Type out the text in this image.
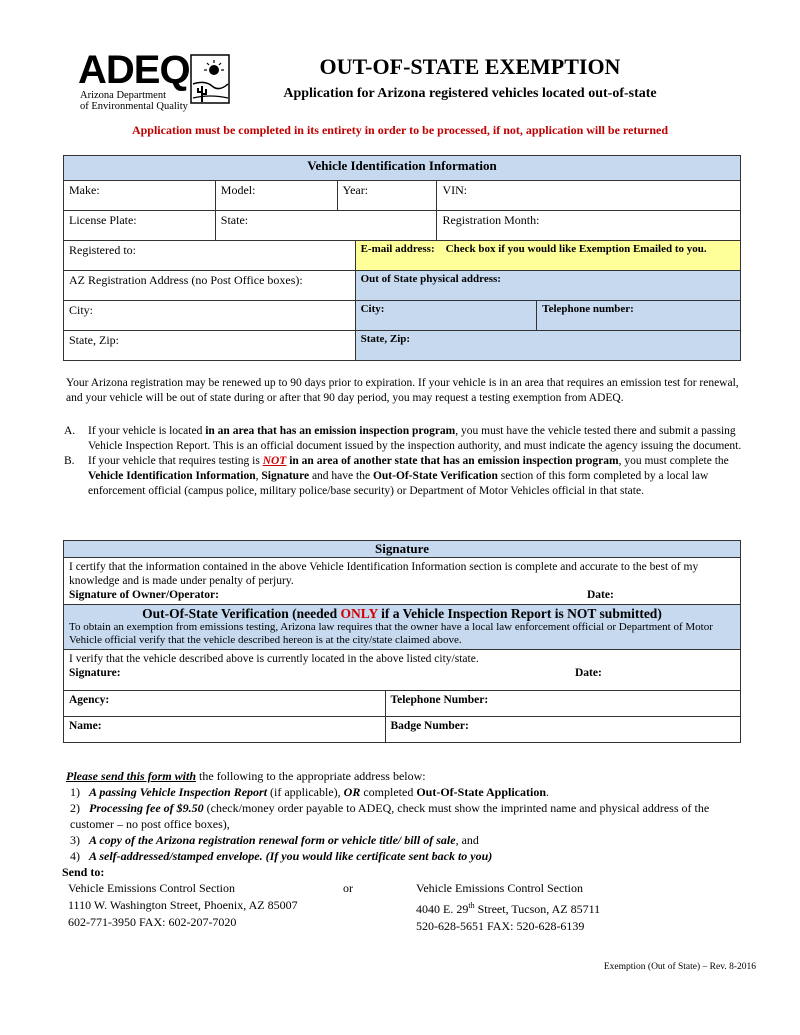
ADEQ
Arizona Department
of Environmental Quality
OUT-OF-STATE EXEMPTION
Application for Arizona registered vehicles located out-of-state
Application must be completed in its entirety in order to be processed, if not, application will be returned
Vehicle Identification Information					
Make:	Model:	Year:		VIN:	
License Plate:	State:			Registration Month:	
Registered to:			E-mail address: Check box if you would like Exemption Emailed to you.		
AZ Registration Address (no Post Office boxes):			Out of State physical address:		
City:			City:		Telephone number:
State, Zip:			State, Zip:		
Your Arizona registration may be renewed up to 90 days prior to expiration. If your vehicle is in an area that requires an emission test for renewal, and your vehicle will be out of state during or after that 90 day period, you may request a testing exemption from ADEQ.
A. If your vehicle is located in an area that has an emission inspection program, you must have the vehicle tested there and submit a passing Vehicle Inspection Report. This is an official document issued by the inspection authority, and must indicate the agency issuing the document.
B. If your vehicle that requires testing is NOT in an area of another state that has an emission inspection program, you must complete the Vehicle Identification Information, Signature and have the Out-Of-State Verification section of this form completed by a local law enforcement official (campus police, military police/base security) or Department of Motor Vehicles official in that state.
Signature	

I certify that the information contained in the above Vehicle Identification Information section is complete and accurate to the best of my knowledge and is made under penalty of perjury.
Signature of Owner/Operator: Date:	

Out-Of-State Verification (needed ONLY if a Vehicle Inspection Report is NOT submitted)
To obtain an exemption from emissions testing, Arizona law requires that the owner have a local law enforcement official or Department of Motor Vehicle official verify that the vehicle described hereon is at the city/state claimed above.	

I verify that the vehicle described above is currently located in the above listed city/state.
Signature: Date:	

Agency:	Telephone Number:
Name:	Badge Number:
Please send this form with the following to the appropriate address below:
1) A passing Vehicle Inspection Report (if applicable), OR completed Out-Of-State Application.
2) Processing fee of $9.50 (check/money order payable to ADEQ, check must show the imprinted name and physical address of the customer – no post office boxes),
3) A copy of the Arizona registration renewal form or vehicle title/ bill of sale, and
4) A self-addressed/stamped envelope. (If you would like certificate sent back to you)
Send to:
Vehicle Emissions Control Section
1110 W. Washington Street, Phoenix, AZ 85007
602-771-3950 FAX: 602-207-7020
or	Vehicle Emissions Control Section
4040 E. 29th Street, Tucson, AZ 85711
520-628-5651 FAX: 520-628-6139
Exemption (Out of State) – Rev. 8-2016
